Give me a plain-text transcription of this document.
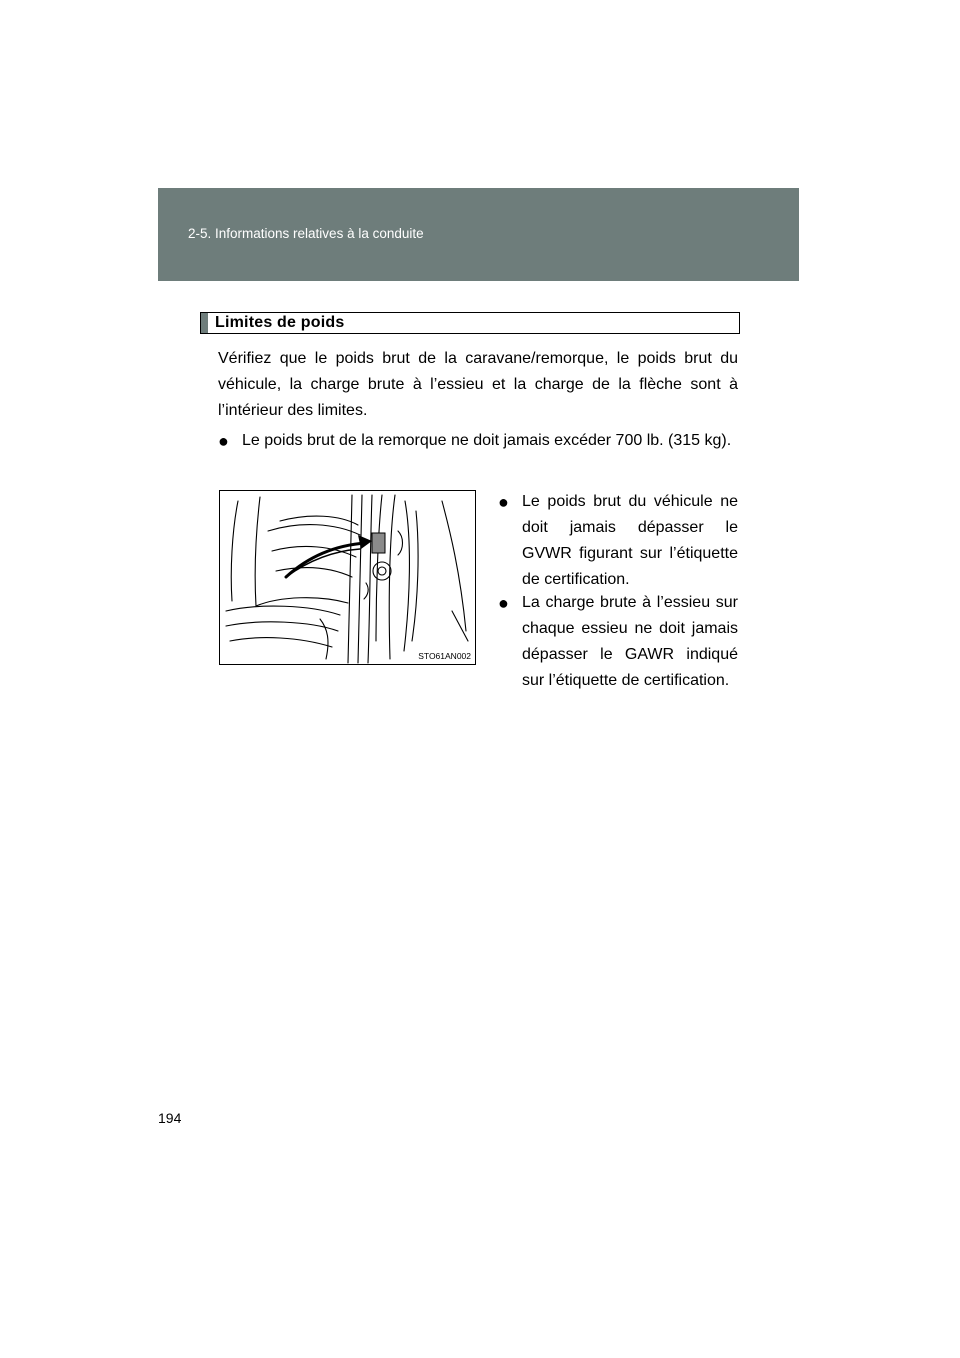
2-5. Informations relatives à la conduite
Limites de poids

Vérifiez que le poids brut de la caravane/remorque, le poids brut du véhicule, la charge brute à l’essieu et la charge de la flèche sont à l’intérieur des limites.

● Le poids brut de la remorque ne doit jamais excéder 700 lb. (315 kg).

STO61AN002

● Le poids brut du véhicule ne doit jamais dépasser le GVWR figurant sur l’étiquette de certification.

● La charge brute à l’essieu sur chaque essieu ne doit jamais dépasser le GAWR indiqué sur l’étiquette de certification.

194
